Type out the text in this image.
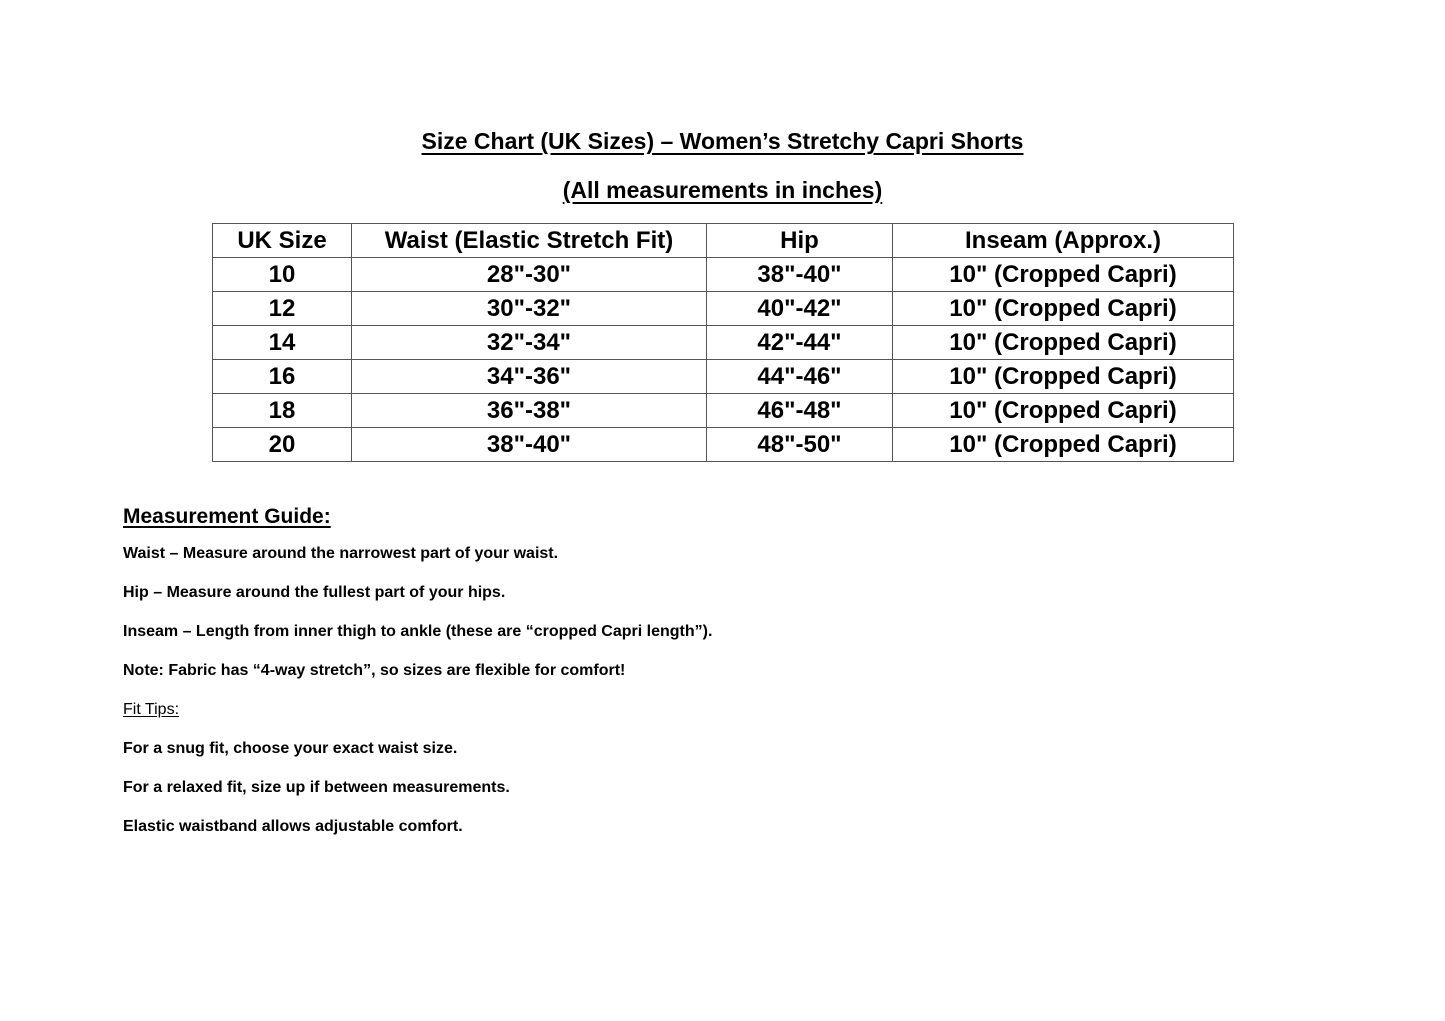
Size Chart (UK Sizes) – Women’s Stretchy Capri Shorts
(All measurements in inches)
UK Size	Waist (Elastic Stretch Fit)	Hip	Inseam (Approx.)
10	28"-30"	38"-40"	10" (Cropped Capri)
12	30"-32"	40"-42"	10" (Cropped Capri)
14	32"-34"	42"-44"	10" (Cropped Capri)
16	34"-36"	44"-46"	10" (Cropped Capri)
18	36"-38"	46"-48"	10" (Cropped Capri)
20	38"-40"	48"-50"	10" (Cropped Capri)
Measurement Guide:

Waist – Measure around the narrowest part of your waist.

Hip – Measure around the fullest part of your hips.

Inseam – Length from inner thigh to ankle (these are “cropped Capri length”).

Note: Fabric has “4-way stretch”, so sizes are flexible for comfort!

Fit Tips:

For a snug fit, choose your exact waist size.

For a relaxed fit, size up if between measurements.

Elastic waistband allows adjustable comfort.
